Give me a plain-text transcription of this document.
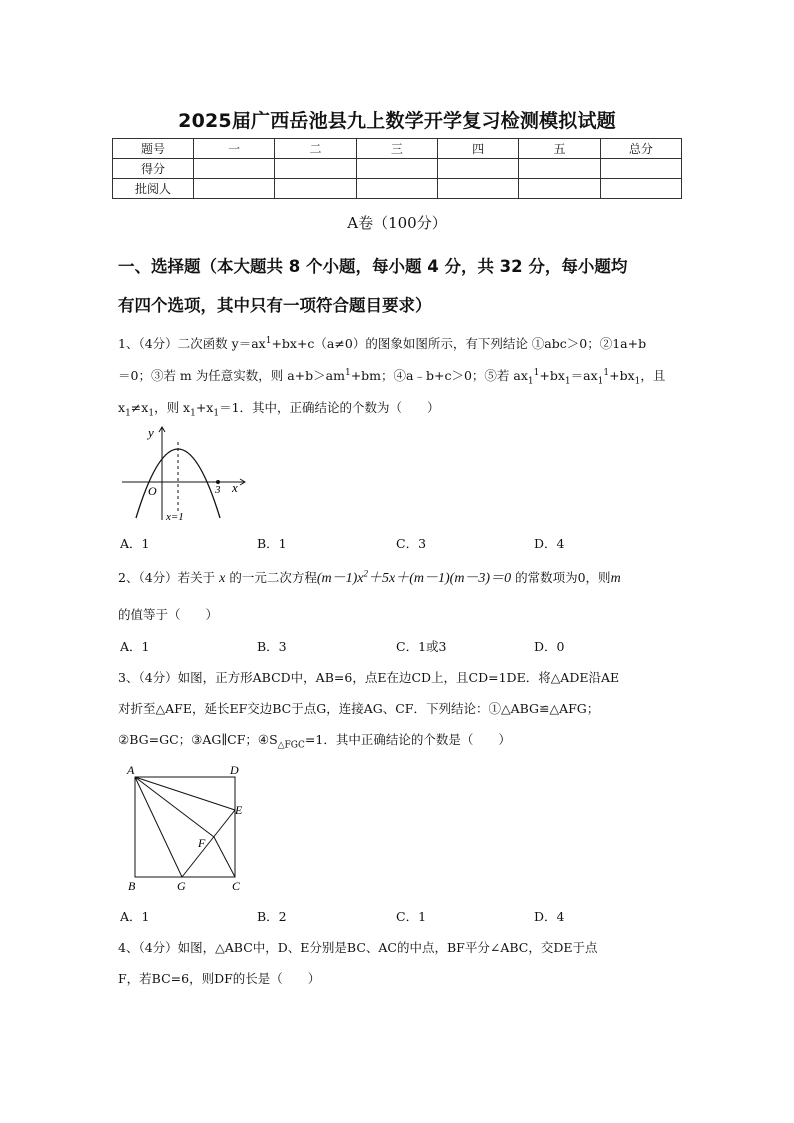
2025届广西岳池县九上数学开学复习检测模拟试题
题号	一	二	三	四	五	总分
得分						
批阅人						
A卷（100分）
一、选择题（本大题共 8 个小题，每小题 4 分，共 32 分，每小题均
有四个选项，其中只有一项符合题目要求）
1、（4分）二次函数 $y=ax^1+bx+c(a\ne 0)$的图象如图所示，有下列结论 ①abc＞0；②1a+b
＝0；③若 m 为任意实数，则 $a+b>am^1+bm$；④a﹣b+c＞0；⑤若 $ax_1^1+bx_1=ax_1^1+bx_1$，且
$x_1\ne x_1$，则 $x_1+x_1=1$．其中，正确结论的个数为（　　）
y
x
O	3
x=1
A．1	B．1	C．3	D．4
2、（4分）若关于 x 的一元二次方程$(m-1)x^2+5x+(m-1)(m-3)=0$ 的常数项为0，则m
的值等于（　　）
A．1	B．3	C．1或3	D．0
3、（4分）如图，正方形ABCD中，AB=6，点E在边CD上，且CD=1DE．将△ADE沿AE
对折至△AFE，延长EF交边BC于点G，连接AG、CF．下列结论：①△ABG≌△AFG；
②BG=GC；③AG∥CF；$④S_{\triangle FGC}=1$．其中正确结论的个数是（　　）
A	D
E
F
B	G	C
A．1	B．2	C．1	D．4
4、（4分）如图，△ABC中，D、E分别是BC、AC的中点，BF平分∠ABC，交DE于点
F，若BC=6，则DF的长是（　　）
